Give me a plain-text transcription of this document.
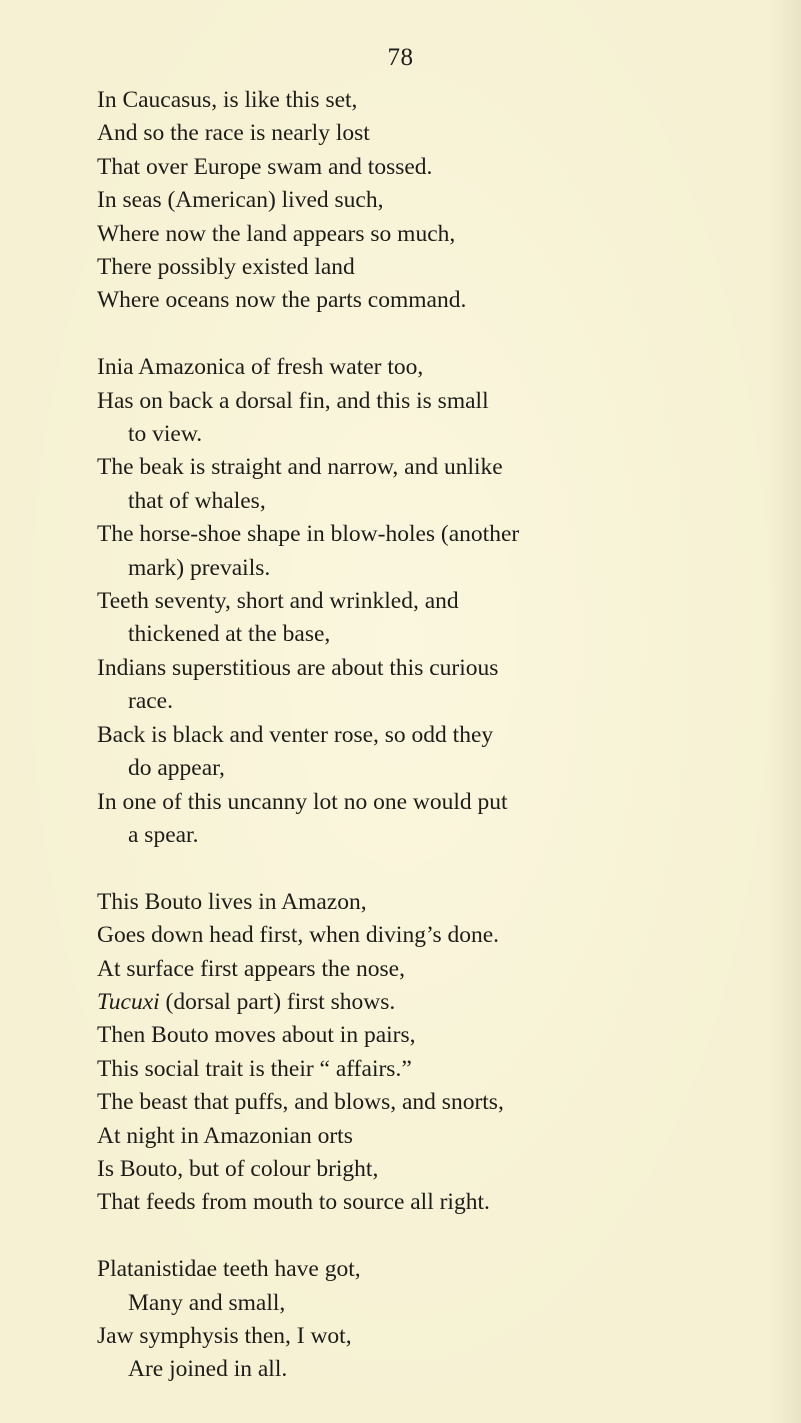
78
In Caucasus, is like this set,
And so the race is nearly lost
That over Europe swam and tossed.
In seas (American) lived such,
Where now the land appears so much,
There possibly existed land
Where oceans now the parts command.
Inia Amazonica of fresh water too,
Has on back a dorsal fin, and this is small
to view.
The beak is straight and narrow, and unlike
that of whales,
The horse-shoe shape in blow-holes (another
mark) prevails.
Teeth seventy, short and wrinkled, and
thickened at the base,
Indians superstitious are about this curious
race.
Back is black and venter rose, so odd they
do appear,
In one of this uncanny lot no one would put
a spear.
This Bouto lives in Amazon,
Goes down head first, when diving’s done.
At surface first appears the nose,
Tucuxi (dorsal part) first shows.
Then Bouto moves about in pairs,
This social trait is their “ affairs.”
The beast that puffs, and blows, and snorts,
At night in Amazonian orts
Is Bouto, but of colour bright,
That feeds from mouth to source all right.
Platanistidae teeth have got,
Many and small,
Jaw symphysis then, I wot,
Are joined in all.
